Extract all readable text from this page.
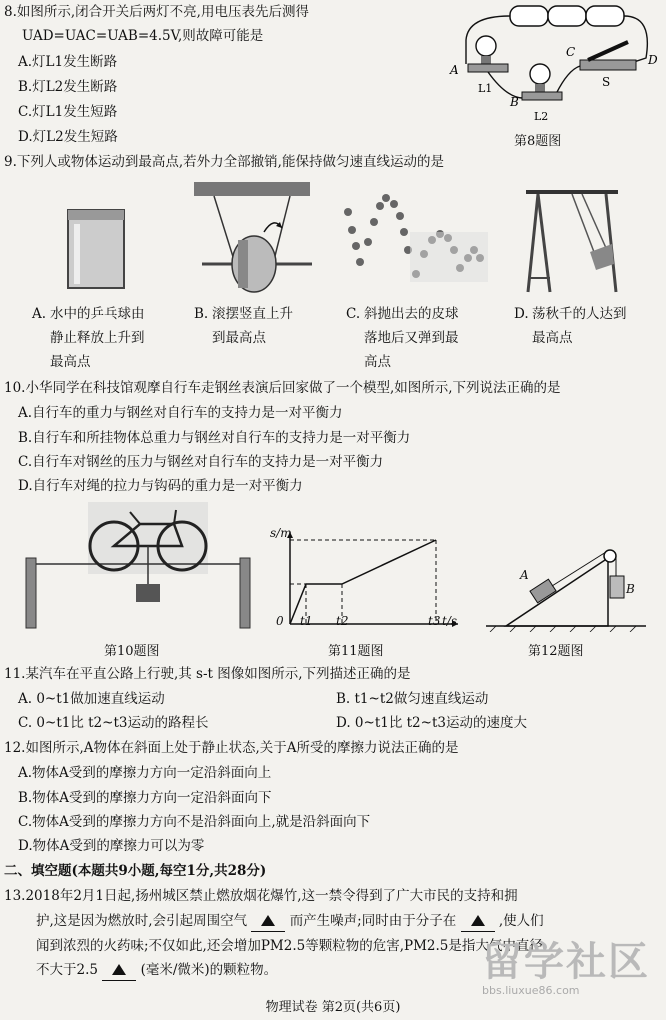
8.如图所示,闭合开关后两灯不亮,用电压表先后测得
UAD=UAC=UAB=4.5V,则故障可能是
A.灯L1发生断路
B.灯L2发生断路
C.灯L1发生短路
D.灯L2发生短路
A
L1
B
L2
C
S
D
第8题图
9.下列人或物体运动到最高点,若外力全部撤销,能保持做匀速直线运动的是
A. 水中的乒乓球由
静止释放上升到
最高点
B. 滚摆竖直上升
到最高点
C. 斜抛出去的皮球
落地后又弹到最
高点
D. 荡秋千的人达到
最高点
10.小华同学在科技馆观摩自行车走钢丝表演后回家做了一个模型,如图所示,下列说法正确的是
A.自行车的重力与钢丝对自行车的支持力是一对平衡力
B.自行车和所挂物体总重力与钢丝对自行车的支持力是一对平衡力
C.自行车对钢丝的压力与钢丝对自行车的支持力是一对平衡力
D.自行车对绳的拉力与钩码的重力是一对平衡力
s/m
t/s
0 t1 t2	t3
A
B
第10题图	第11题图	第12题图
11.某汽车在平直公路上行驶,其 s-t 图像如图所示,下列描述正确的是
A. 0~t1做加速直线运动	B. t1~t2做匀速直线运动
C. 0~t1比 t2~t3运动的路程长	D. 0~t1比 t2~t3运动的速度大
12.如图所示,A物体在斜面上处于静止状态,关于A所受的摩擦力说法正确的是
A.物体A受到的摩擦力方向一定沿斜面向上
B.物体A受到的摩擦力方向一定沿斜面向下
C.物体A受到的摩擦力方向不是沿斜面向上,就是沿斜面向下
D.物体A受到的摩擦力可以为零
二、填空题(本题共9小题,每空1分,共28分)
13.2018年2月1日起,扬州城区禁止燃放烟花爆竹,这一禁令得到了广大市民的支持和拥
护,这是因为燃放时,会引起周围空气	而产生噪声;同时由于分子在	,使人们
闻到浓烈的火药味;不仅如此,还会增加PM2.5等颗粒物的危害,PM2.5是指大气中直径
不大于2.5	(毫米/微米)的颗粒物。	留学社区
bbs.liuxue86.com
物理试卷 第2页(共6页)
